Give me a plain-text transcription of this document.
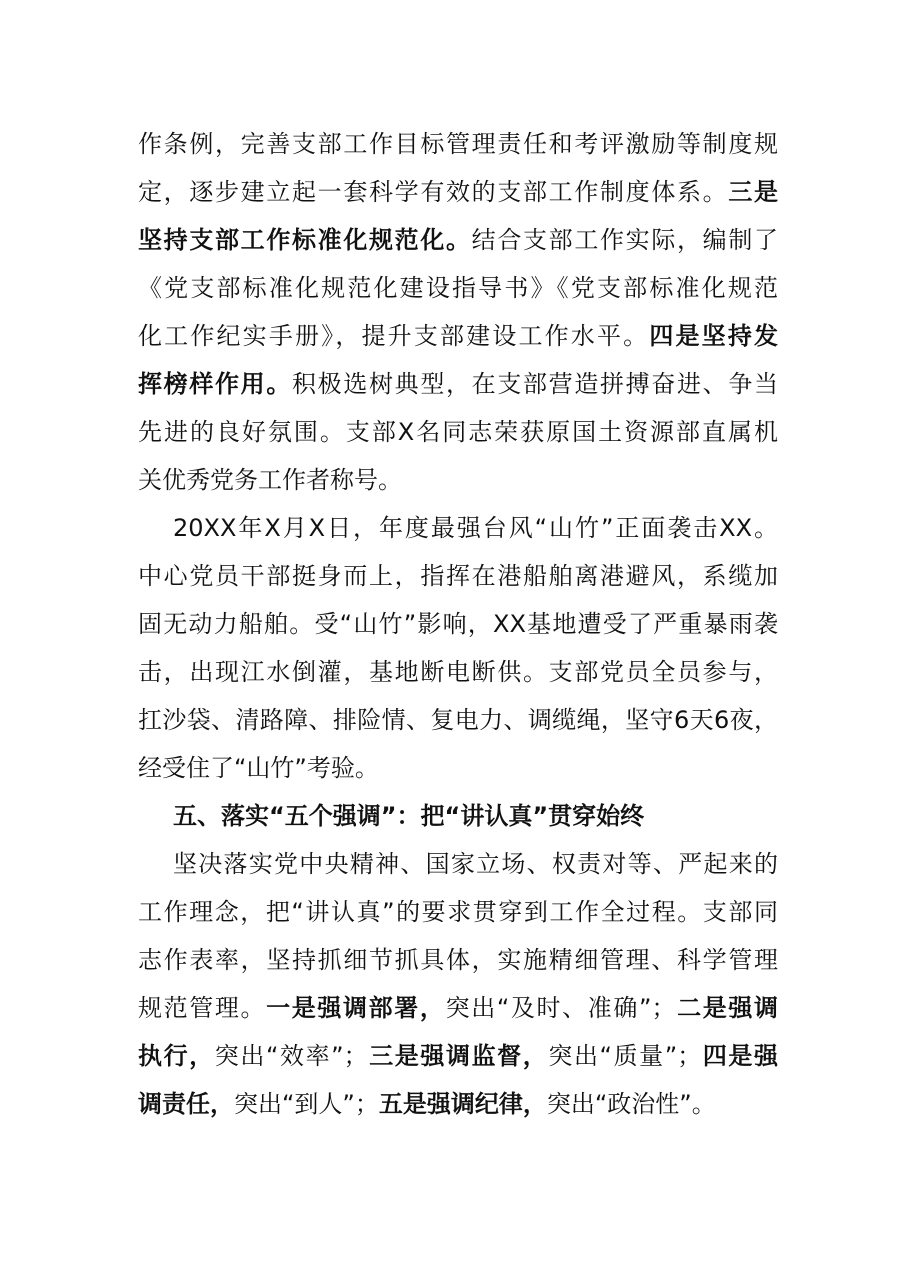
作条例，完善支部工作目标管理责任和考评激励等制度规
定，逐步建立起一套科学有效的支部工作制度体系。三是
坚持支部工作标准化规范化。结合支部工作实际，编制了
《党支部标准化规范化建设指导书》《党支部标准化规范
化工作纪实手册》，提升支部建设工作水平。四是坚持发
挥榜样作用。积极选树典型，在支部营造拼搏奋进、争当
先进的良好氛围。支部X名同志荣获原国土资源部直属机
关优秀党务工作者称号。
20XX年X月X日，年度最强台风“山竹”正面袭击XX。
中心党员干部挺身而上，指挥在港船舶离港避风，系缆加
固无动力船舶。受“山竹”影响，XX基地遭受了严重暴雨袭
击，出现江水倒灌，基地断电断供。支部党员全员参与，
扛沙袋、清路障、排险情、复电力、调缆绳，坚守6天6夜，
经受住了“山竹”考验。
五、落实“五个强调”：把“讲认真”贯穿始终
坚决落实党中央精神、国家立场、权责对等、严起来的
工作理念，把“讲认真”的要求贯穿到工作全过程。支部同
志作表率，坚持抓细节抓具体，实施精细管理、科学管理
规范管理。一是强调部署，突出“及时、准确”；二是强调
执行，突出“效率”；三是强调监督，突出“质量”；四是强
调责任，突出“到人”；五是强调纪律，突出“政治性”。
